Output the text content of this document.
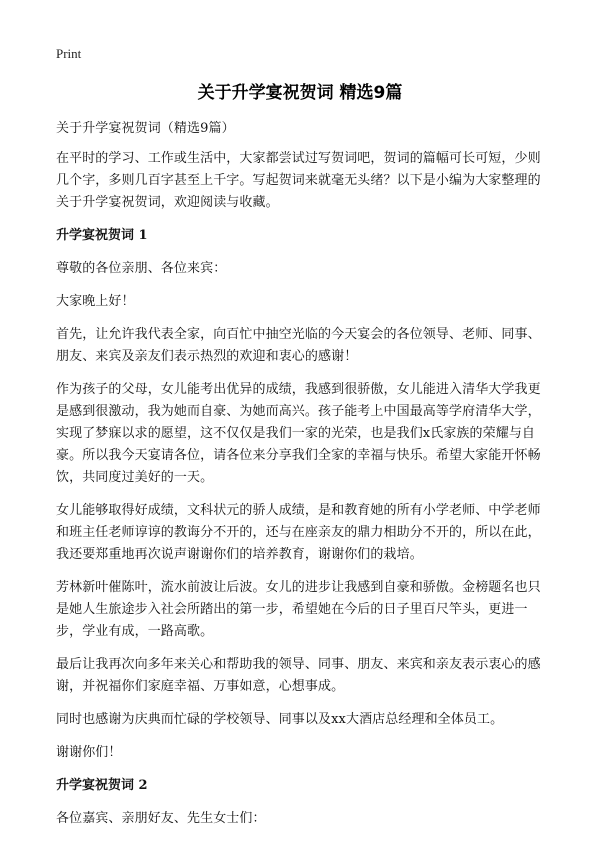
Print
关于升学宴祝贺词 精选9篇

关于升学宴祝贺词（精选9篇）

在平时的学习、工作或生活中，大家都尝试过写贺词吧，贺词的篇幅可长可短，少则几个字，多则几百字甚至上千字。写起贺词来就毫无头绪？以下是小编为大家整理的关于升学宴祝贺词，欢迎阅读与收藏。

升学宴祝贺词 1

尊敬的各位亲朋、各位来宾：

大家晚上好！

首先，让允许我代表全家，向百忙中抽空光临的今天宴会的各位领导、老师、同事、朋友、来宾及亲友们表示热烈的欢迎和衷心的感谢！

作为孩子的父母，女儿能考出优异的成绩，我感到很骄傲，女儿能进入清华大学我更是感到很激动，我为她而自豪、为她而高兴。孩子能考上中国最高等学府清华大学，实现了梦寐以求的愿望，这不仅仅是我们一家的光荣，也是我们x氏家族的荣耀与自豪。所以我今天宴请各位，请各位来分享我们全家的幸福与快乐。希望大家能开怀畅饮，共同度过美好的一天。

女儿能够取得好成绩，文科状元的骄人成绩，是和教育她的所有小学老师、中学老师和班主任老师谆谆的教诲分不开的，还与在座亲友的鼎力相助分不开的，所以在此，我还要郑重地再次说声谢谢你们的培养教育，谢谢你们的栽培。

芳林新叶催陈叶，流水前波让后波。女儿的进步让我感到自豪和骄傲。金榜题名也只是她人生旅途步入社会所踏出的第一步，希望她在今后的日子里百尺竿头，更进一步，学业有成，一路高歌。

最后让我再次向多年来关心和帮助我的领导、同事、朋友、来宾和亲友表示衷心的感谢，并祝福你们家庭幸福、万事如意，心想事成。

同时也感谢为庆典而忙碌的学校领导、同事以及xx大酒店总经理和全体员工。

谢谢你们！

升学宴祝贺词 2

各位嘉宾、亲朋好友、先生女士们：
